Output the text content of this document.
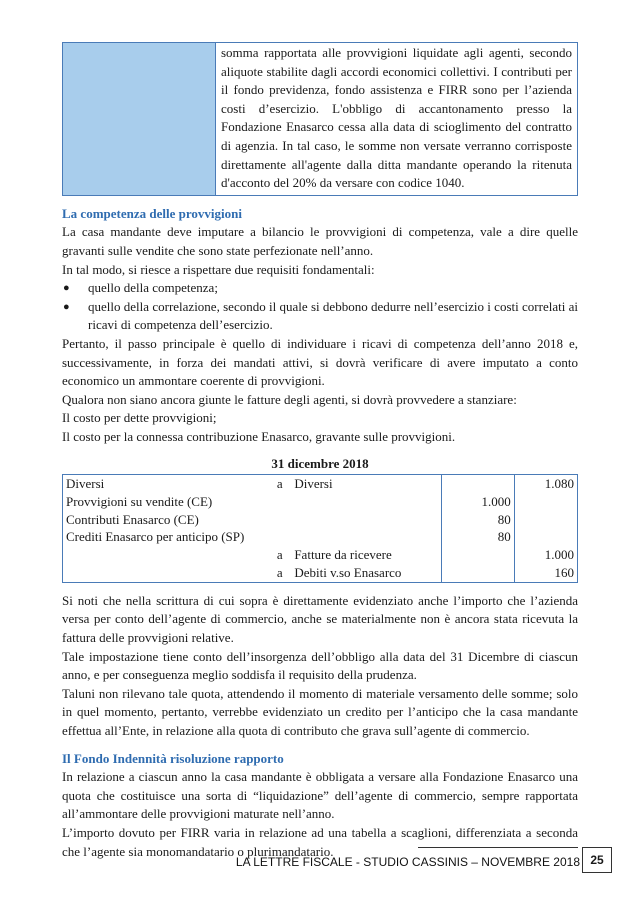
somma rapportata alle provvigioni liquidate agli agenti, secondo aliquote stabilite dagli accordi economici collettivi. I contributi per il fondo previdenza, fondo assistenza e FIRR sono per l’azienda costi d’esercizio. L'obbligo di accantonamento presso la Fondazione Enasarco cessa alla data di scioglimento del contratto di agenzia. In tal caso, le somme non versate verranno corrisposte direttamente all'agente dalla ditta mandante operando la ritenuta d'acconto del 20% da versare con codice 1040.
La competenza delle provvigioni

La casa mandante deve imputare a bilancio le provvigioni di competenza, vale a dire quelle gravanti sulle vendite che sono state perfezionate nell’anno.

In tal modo, si riesce a rispettare due requisiti fondamentali:

● quello della competenza;
● quello della correlazione, secondo il quale si debbono dedurre nell’esercizio i costi correlati ai ricavi di competenza dell’esercizio.

Pertanto, il passo principale è quello di individuare i ricavi di competenza dell’anno 2018 e, successivamente, in forza dei mandati attivi, si dovrà verificare di avere imputato a conto economico un ammontare coerente di provvigioni.

Qualora non siano ancora giunte le fatture degli agenti, si dovrà provvedere a stanziare:

Il costo per dette provvigioni;

Il costo per la connessa contribuzione Enasarco, gravante sulle provvigioni.

31 dicembre 2018
Diversi	a	Diversi		1.080
Provvigioni su vendite (CE)			1.000	
Contributi Enasarco (CE)			80	
Crediti Enasarco per anticipo (SP)			80	
	a	Fatture da ricevere		1.000
	a	Debiti v.so Enasarco		160

Si noti che nella scrittura di cui sopra è direttamente evidenziato anche l’importo che l’azienda versa per conto dell’agente di commercio, anche se materialmente non è ancora stata ricevuta la fattura delle provvigioni relative.

Tale impostazione tiene conto dell’insorgenza dell’obbligo alla data del 31 Dicembre di ciascun anno, e per conseguenza meglio soddisfa il requisito della prudenza.

Taluni non rilevano tale quota, attendendo il momento di materiale versamento delle somme; solo in quel momento, pertanto, verrebbe evidenziato un credito per l’anticipo che la casa mandante effettua all’Ente, in relazione alla quota di contributo che grava sull’agente di commercio.

Il Fondo Indennità risoluzione rapporto

In relazione a ciascun anno la casa mandante è obbligata a versare alla Fondazione Enasarco una quota che costituisce una sorta di “liquidazione” dell’agente di commercio, sempre rapportata all’ammontare delle provvigioni maturate nell’anno.

L’importo dovuto per FIRR varia in relazione ad una tabella a scaglioni, differenziata a seconda che l’agente sia monomandatario o plurimandatario.

LA LETTRE FISCALE - STUDIO CASSINIS – NOVEMBRE 2018 25
